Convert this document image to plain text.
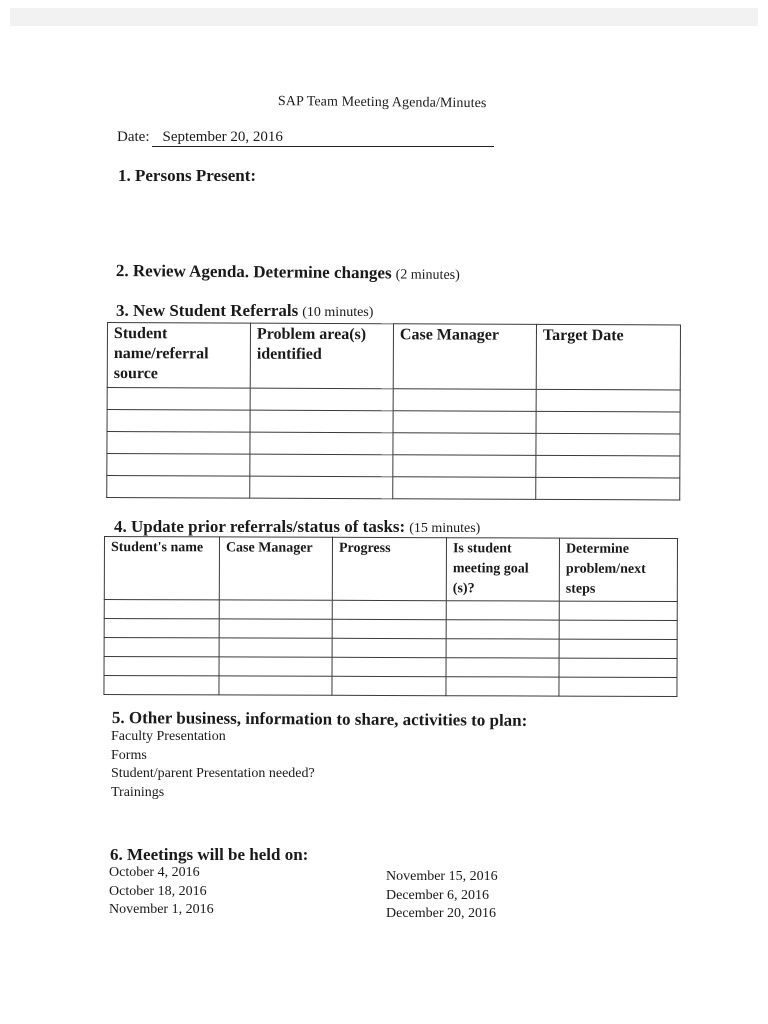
SAP Team Meeting Agenda/Minutes
Date: September 20, 2016
1. Persons Present:
2. Review Agenda. Determine changes (2 minutes)
3. New Student Referrals (10 minutes)
Student name/referral source	Problem area(s) identified	Case Manager	Target Date

4. Update prior referrals/status of tasks: (15 minutes)
Student's name	Case Manager	Progress	Is student meeting goal (s)?	Determine problem/next steps

5. Other business, information to share, activities to plan:
Faculty Presentation
Forms
Student/parent Presentation needed?
Trainings
6. Meetings will be held on:
October 4, 2016
October 18, 2016
November 1, 2016
November 15, 2016
December 6, 2016
December 20, 2016
